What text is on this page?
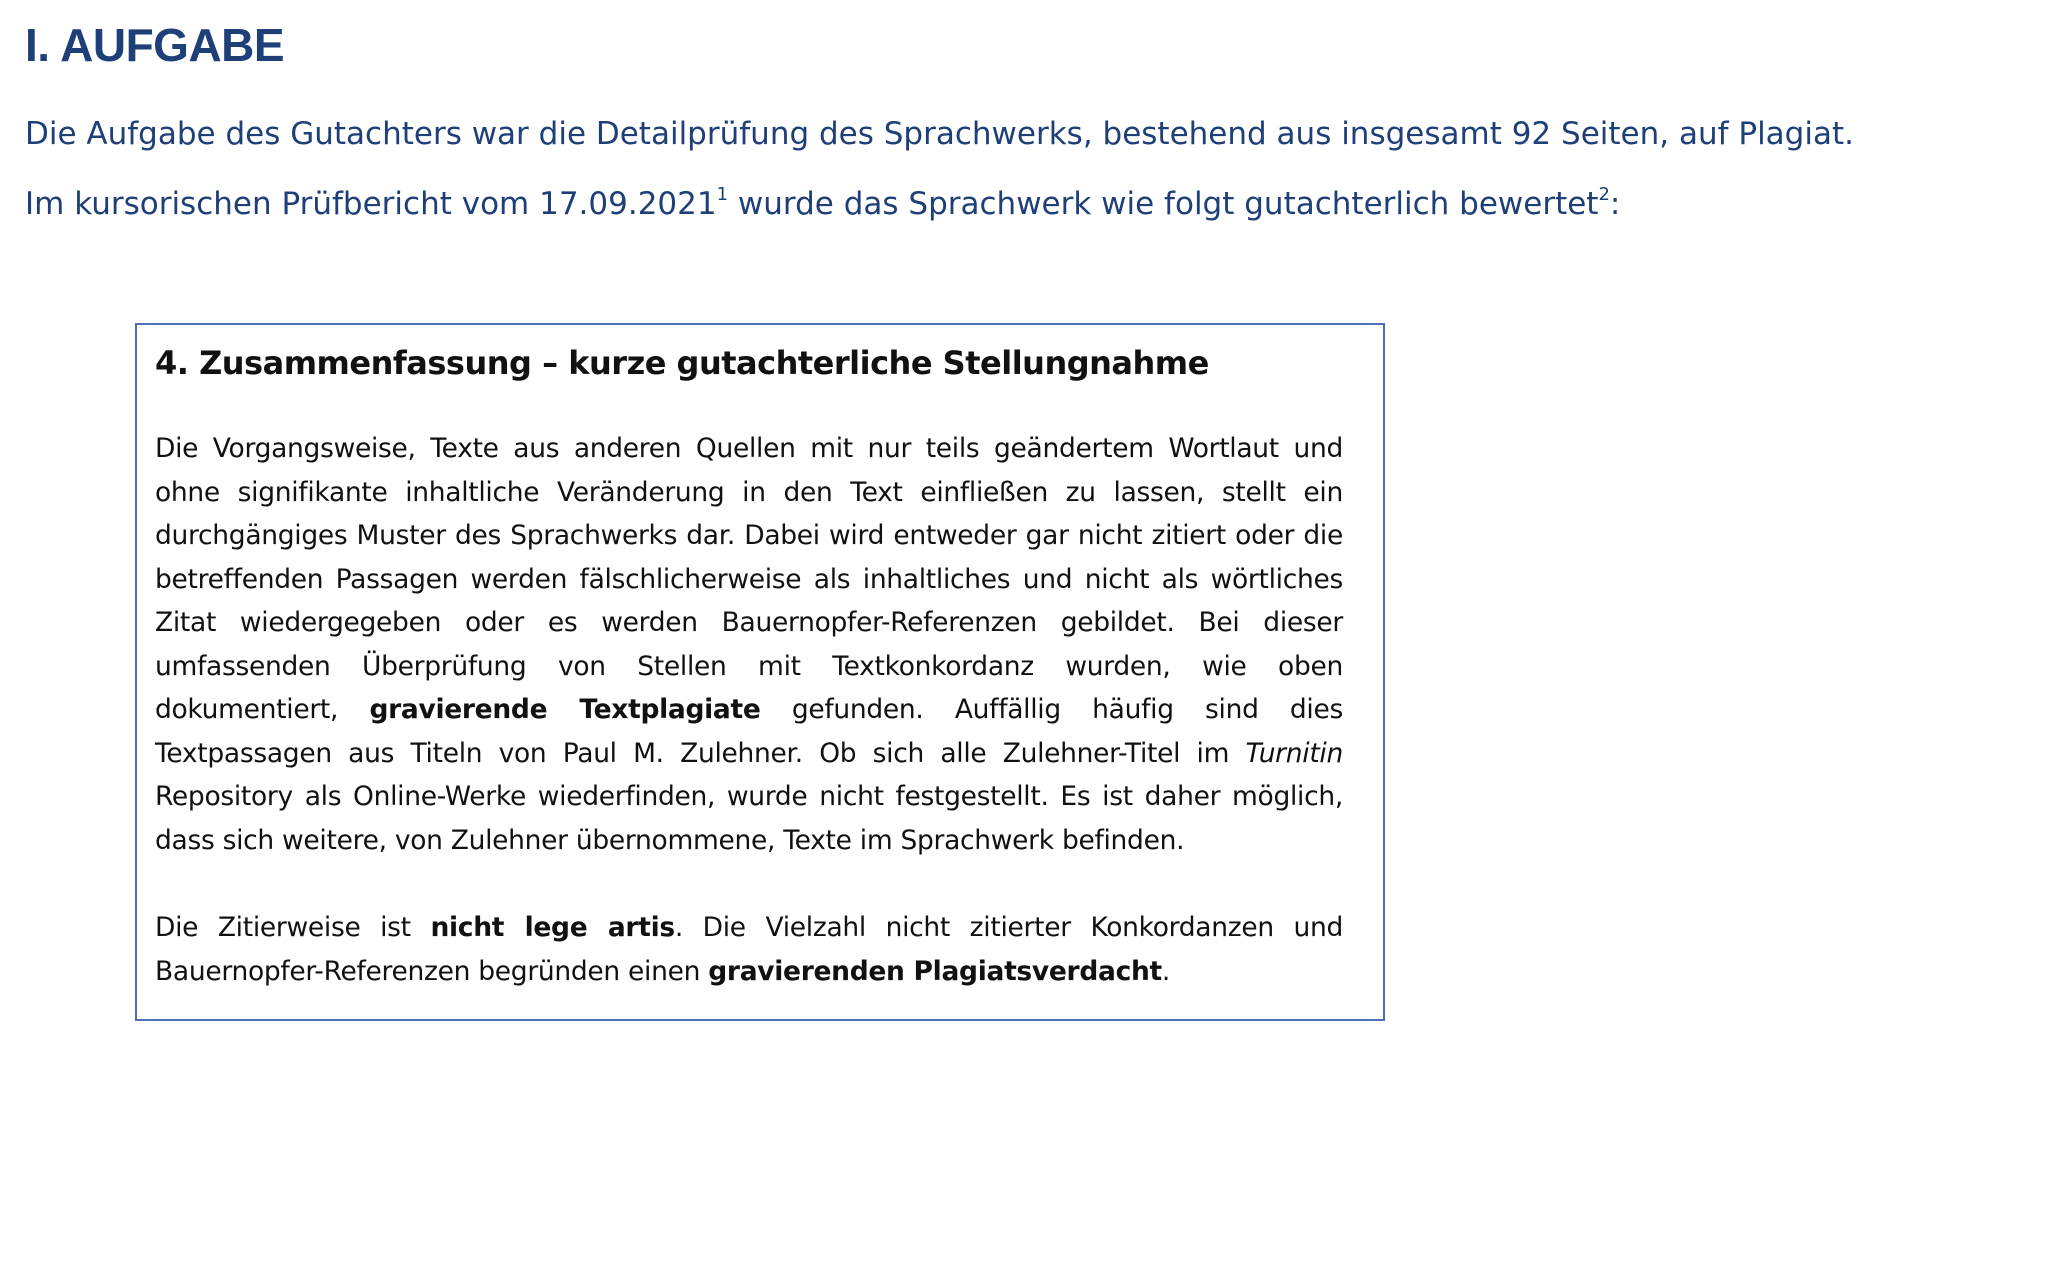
I. AUFGABE

Die Aufgabe des Gutachters war die Detailprüfung des Sprachwerks, bestehend aus insgesamt 92 Seiten, auf Plagiat.

Im kursorischen Prüfbericht vom 17.09.2021$^1$ wurde das Sprachwerk wie folgt gutachterlich bewertet$^2$:

4. Zusammenfassung – kurze gutachterliche Stellungnahme

Die Vorgangsweise, Texte aus anderen Quellen mit nur teils geändertem Wortlaut und ohne signifikante inhaltliche Veränderung in den Text einfließen zu lassen, stellt ein durchgängiges Muster des Sprachwerks dar. Dabei wird entweder gar nicht zitiert oder die betreffenden Passagen werden fälschlicherweise als inhaltliches und nicht als wörtliches Zitat wiedergegeben oder es werden Bauernopfer-Referenzen gebildet. Bei dieser umfassenden Überprüfung von Stellen mit Textkonkordanz wurden, wie oben dokumentiert, gravierende Textplagiate gefunden. Auffällig häufig sind dies Textpassagen aus Titeln von Paul M. Zulehner. Ob sich alle Zulehner-Titel im Turnitin Repository als Online-Werke wiederfinden, wurde nicht festgestellt. Es ist daher möglich, dass sich weitere, von Zulehner übernommene, Texte im Sprachwerk befinden.

Die Zitierweise ist nicht lege artis. Die Vielzahl nicht zitierter Konkordanzen und Bauernopfer-Referenzen begründen einen gravierenden Plagiatsverdacht.
